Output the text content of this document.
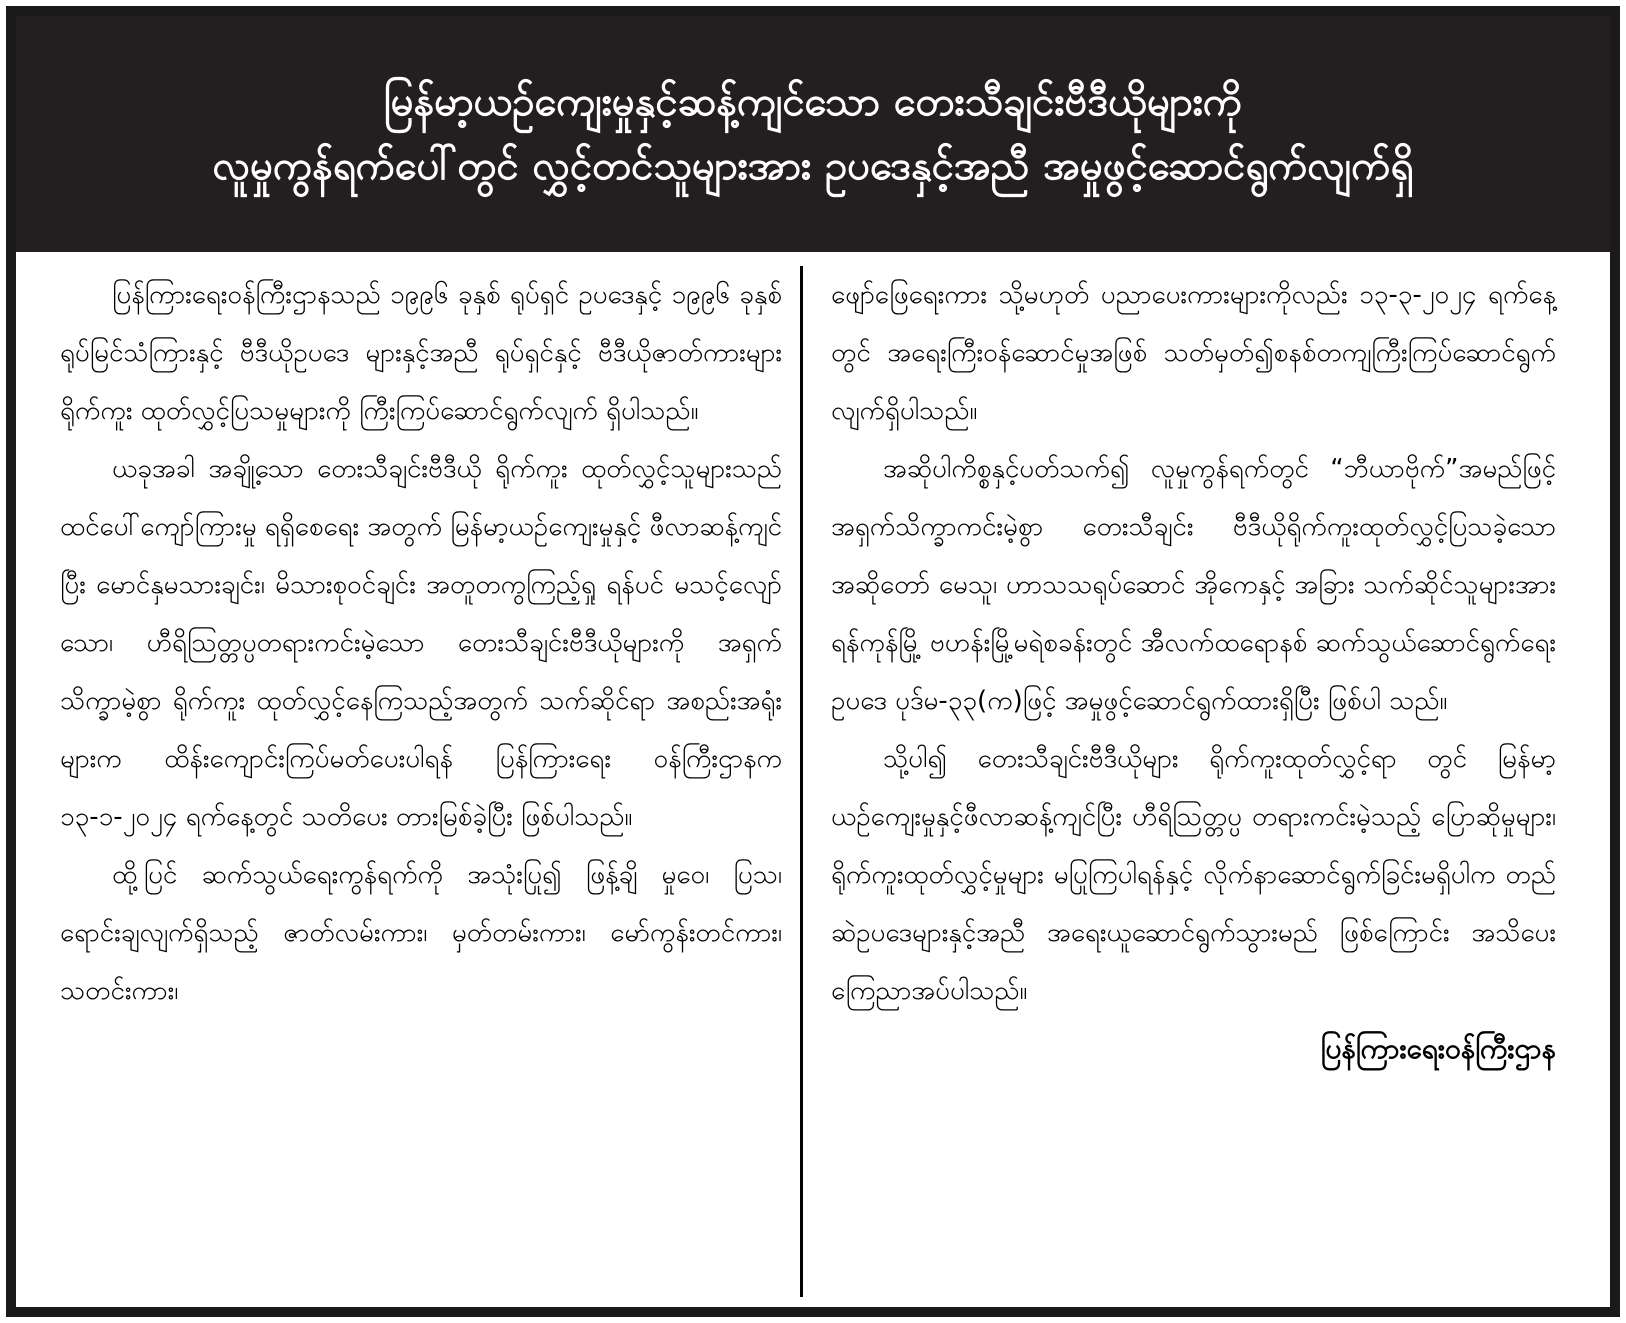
မြန်မာ့ယဉ်ကျေးမှုနှင့်ဆန့်ကျင်သော တေးသီချင်းဗီဒီယိုများကို
လူမှုကွန်ရက်ပေါ်တွင် လွှင့်တင်သူများအား ဥပဒေနှင့်အညီ အမှုဖွင့်ဆောင်ရွက်လျက်ရှိ

ပြန်ကြားရေးဝန်ကြီးဌာနသည် ၁၉၉၆ ခုနှစ် ရုပ်ရှင် ဥပဒေနှင့် ၁၉၉၆ ခုနှစ် ရုပ်မြင်သံကြားနှင့် ဗီဒီယိုဥပဒေ များနှင့်အညီ ရုပ်ရှင်နှင့် ဗီဒီယိုဇာတ်ကားများ ရိုက်ကူး ထုတ်လွှင့်ပြသမှုများကို ကြီးကြပ်ဆောင်ရွက်လျက် ရှိပါသည်။

ယခုအခါ အချို့သော တေးသီချင်းဗီဒီယို ရိုက်ကူး ထုတ်လွှင့်သူများသည် ထင်ပေါ်ကျော်ကြားမှု ရရှိစေရေး အတွက် မြန်မာ့ယဉ်ကျေးမှုနှင့် ဖီလာဆန့်ကျင်ပြီး မောင်နှမသားချင်း၊ မိသားစုဝင်ချင်း အတူတကွကြည့်ရှု ရန်ပင် မသင့်လျော်သော၊ ဟီရိဩတ္တပ္ပတရားကင်းမဲ့သော တေးသီချင်းဗီဒီယိုများကို အရှက်သိက္ခာမဲ့စွာ ရိုက်ကူး ထုတ်လွှင့်နေကြသည့်အတွက် သက်ဆိုင်ရာ အစည်းအရုံး များက ထိန်းကျောင်းကြပ်မတ်ပေးပါရန် ပြန်ကြားရေး ဝန်ကြီးဌာနက ၁၃-၁-၂၀၂၄ ရက်နေ့တွင် သတိပေး တားမြစ်ခဲ့ပြီး ဖြစ်ပါသည်။

ထို့ပြင် ဆက်သွယ်ရေးကွန်ရက်ကို အသုံးပြု၍ ဖြန့်ချိ မှုဝေ၊ ပြသ၊ ရောင်းချလျက်ရှိသည့် ဇာတ်လမ်းကား၊ မှတ်တမ်းကား၊ မော်ကွန်းတင်ကား၊ သတင်းကား၊

ဖျော်ဖြေရေးကား သို့မဟုတ် ပညာပေးကားများကိုလည်း ၁၃-၃-၂၀၂၄ ရက်နေ့တွင် အရေးကြီးဝန်ဆောင်မှုအဖြစ် သတ်မှတ်၍စနစ်တကျကြီးကြပ်ဆောင်ရွက်လျက်ရှိပါသည်။

အဆိုပါကိစ္စနှင့်ပတ်သက်၍ လူမှုကွန်ရက်တွင် “ဘီယာဗိုက်”အမည်ဖြင့် အရှက်သိက္ခာကင်းမဲ့စွာ တေးသီချင်း ဗီဒီယိုရိုက်ကူးထုတ်လွှင့်ပြသခဲ့သော အဆိုတော် မေသူ၊ ဟာသသရုပ်ဆောင် အိုကေနှင့် အခြား သက်ဆိုင်သူများအား ရန်ကုန်မြို့ ဗဟန်းမြို့မရဲစခန်းတွင် အီလက်ထရောနစ် ဆက်သွယ်ဆောင်ရွက်ရေးဥပဒေ ပုဒ်မ-၃၃(က)ဖြင့် အမှုဖွင့်ဆောင်ရွက်ထားရှိပြီး ဖြစ်ပါ သည်။

သို့ပါ၍ တေးသီချင်းဗီဒီယိုများ ရိုက်ကူးထုတ်လွှင့်ရာ တွင် မြန်မာ့ယဉ်ကျေးမှုနှင့်ဖီလာဆန့်ကျင်ပြီး ဟီရိဩတ္တပ္ပ တရားကင်းမဲ့သည့် ပြောဆိုမှုများ၊ ရိုက်ကူးထုတ်လွှင့်မှုများ မပြုကြပါရန်နှင့် လိုက်နာဆောင်ရွက်ခြင်းမရှိပါက တည်ဆဲဥပဒေများနှင့်အညီ အရေးယူဆောင်ရွက်သွားမည် ဖြစ်ကြောင်း အသိပေးကြေညာအပ်ပါသည်။

ပြန်ကြားရေးဝန်ကြီးဌာန
